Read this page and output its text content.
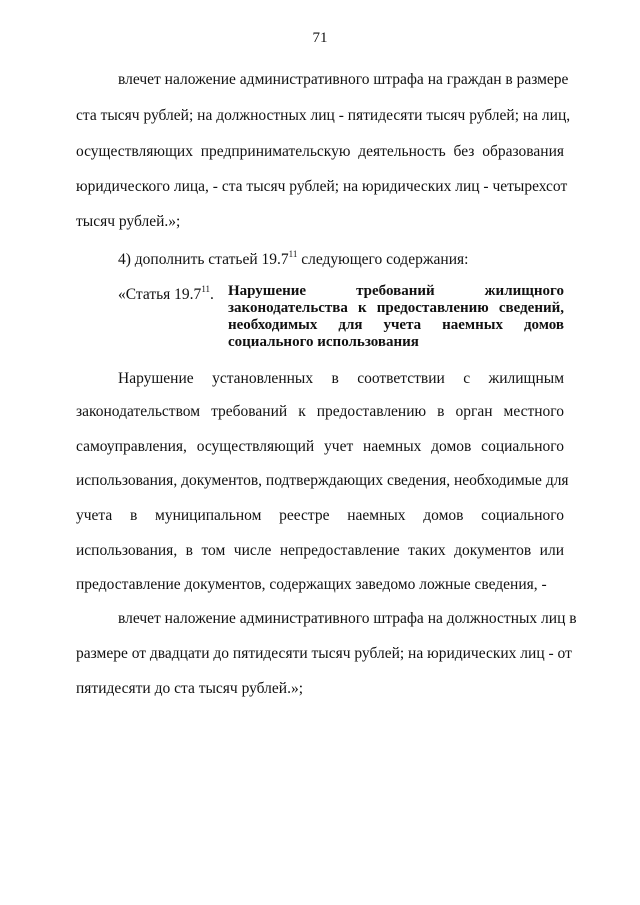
71
влечет наложение административного штрафа на граждан в размере
ста тысяч рублей; на должностных лиц - пятидесяти тысяч рублей; на лиц,
осуществляющих предпринимательскую деятельность без образования
юридического лица, - ста тысяч рублей; на юридических лиц - четырехсот
тысяч рублей.»;
4) дополнить статьей 19.7$^{11}$ следующего содержания:
«Статья 19.7$^{11}$. Нарушение требований жилищного
законодательства к предоставлению сведений,
необходимых для учета наемных домов
социального использования
Нарушение установленных в соответствии с жилищным
законодательством требований к предоставлению в орган местного
самоуправления, осуществляющий учет наемных домов социального
использования, документов, подтверждающих сведения, необходимые для
учета в муниципальном реестре наемных домов социального
использования, в том числе непредоставление таких документов или
предоставление документов, содержащих заведомо ложные сведения, -
влечет наложение административного штрафа на должностных лиц в
размере от двадцати до пятидесяти тысяч рублей; на юридических лиц - от
пятидесяти до ста тысяч рублей.»;
